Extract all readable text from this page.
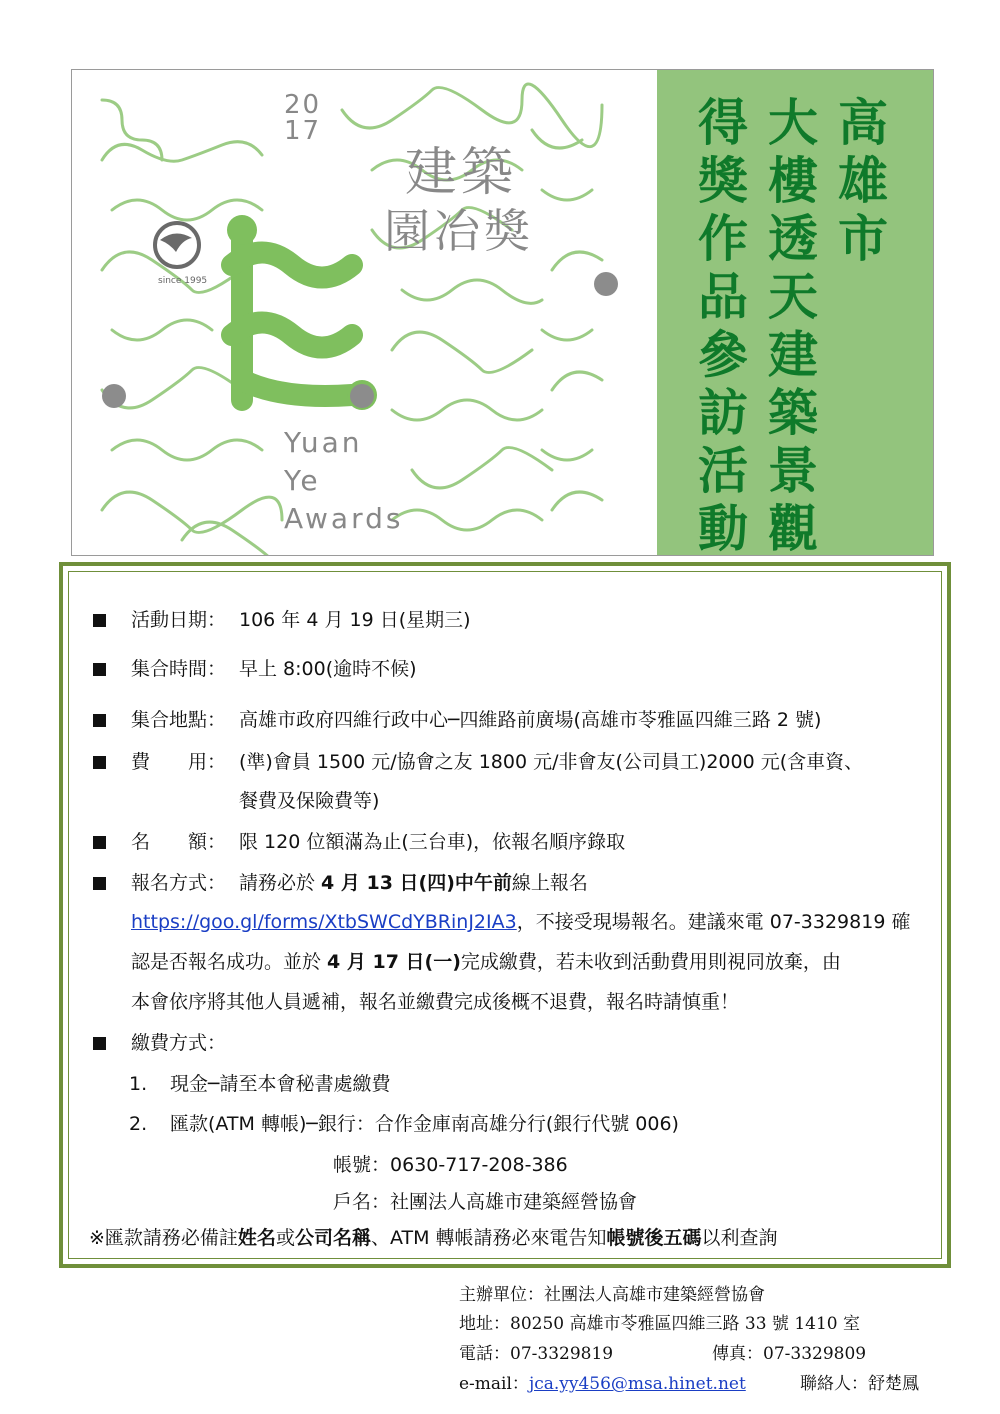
20
17
建築
園冶獎
since 1995
Yuan
Ye
Awards
高雄市
大樓透天建築景觀
得獎作品參訪活動
活動日期： 106 年 4 月 19 日(星期三)
集合時間： 早上 8:00(逾時不候)
集合地點： 高雄市政府四維行政中心─四維路前廣場(高雄市苓雅區四維三路 2 號)
費　　用： (準)會員 1500 元/協會之友 1800 元/非會友(公司員工)2000 元(含車資、
餐費及保險費等)
名　　額： 限 120 位額滿為止(三台車)，依報名順序錄取
報名方式： 請務必於 4 月 13 日(四)中午前線上報名
https://goo.gl/forms/XtbSWCdYBRinJ2IA3，不接受現場報名。建議來電 07-3329819 確
認是否報名成功。並於 4 月 17 日(一)完成繳費，若未收到活動費用則視同放棄，由
本會依序將其他人員遞補，報名並繳費完成後概不退費，報名時請慎重！
繳費方式：
1. 現金─請至本會秘書處繳費
2. 匯款(ATM 轉帳)─銀行：合作金庫南高雄分行(銀行代號 006)
帳號：0630-717-208-386
戶名：社團法人高雄市建築經營協會
※匯款請務必備註姓名或公司名稱、ATM 轉帳請務必來電告知帳號後五碼以利查詢
主辦單位：社團法人高雄市建築經營協會
地址：80250 高雄市苓雅區四維三路 33 號 1410 室
電話：07-3329819	傳真：07-3329809
e-mail：jca.yy456@msa.hinet.net	聯絡人：舒楚鳳
